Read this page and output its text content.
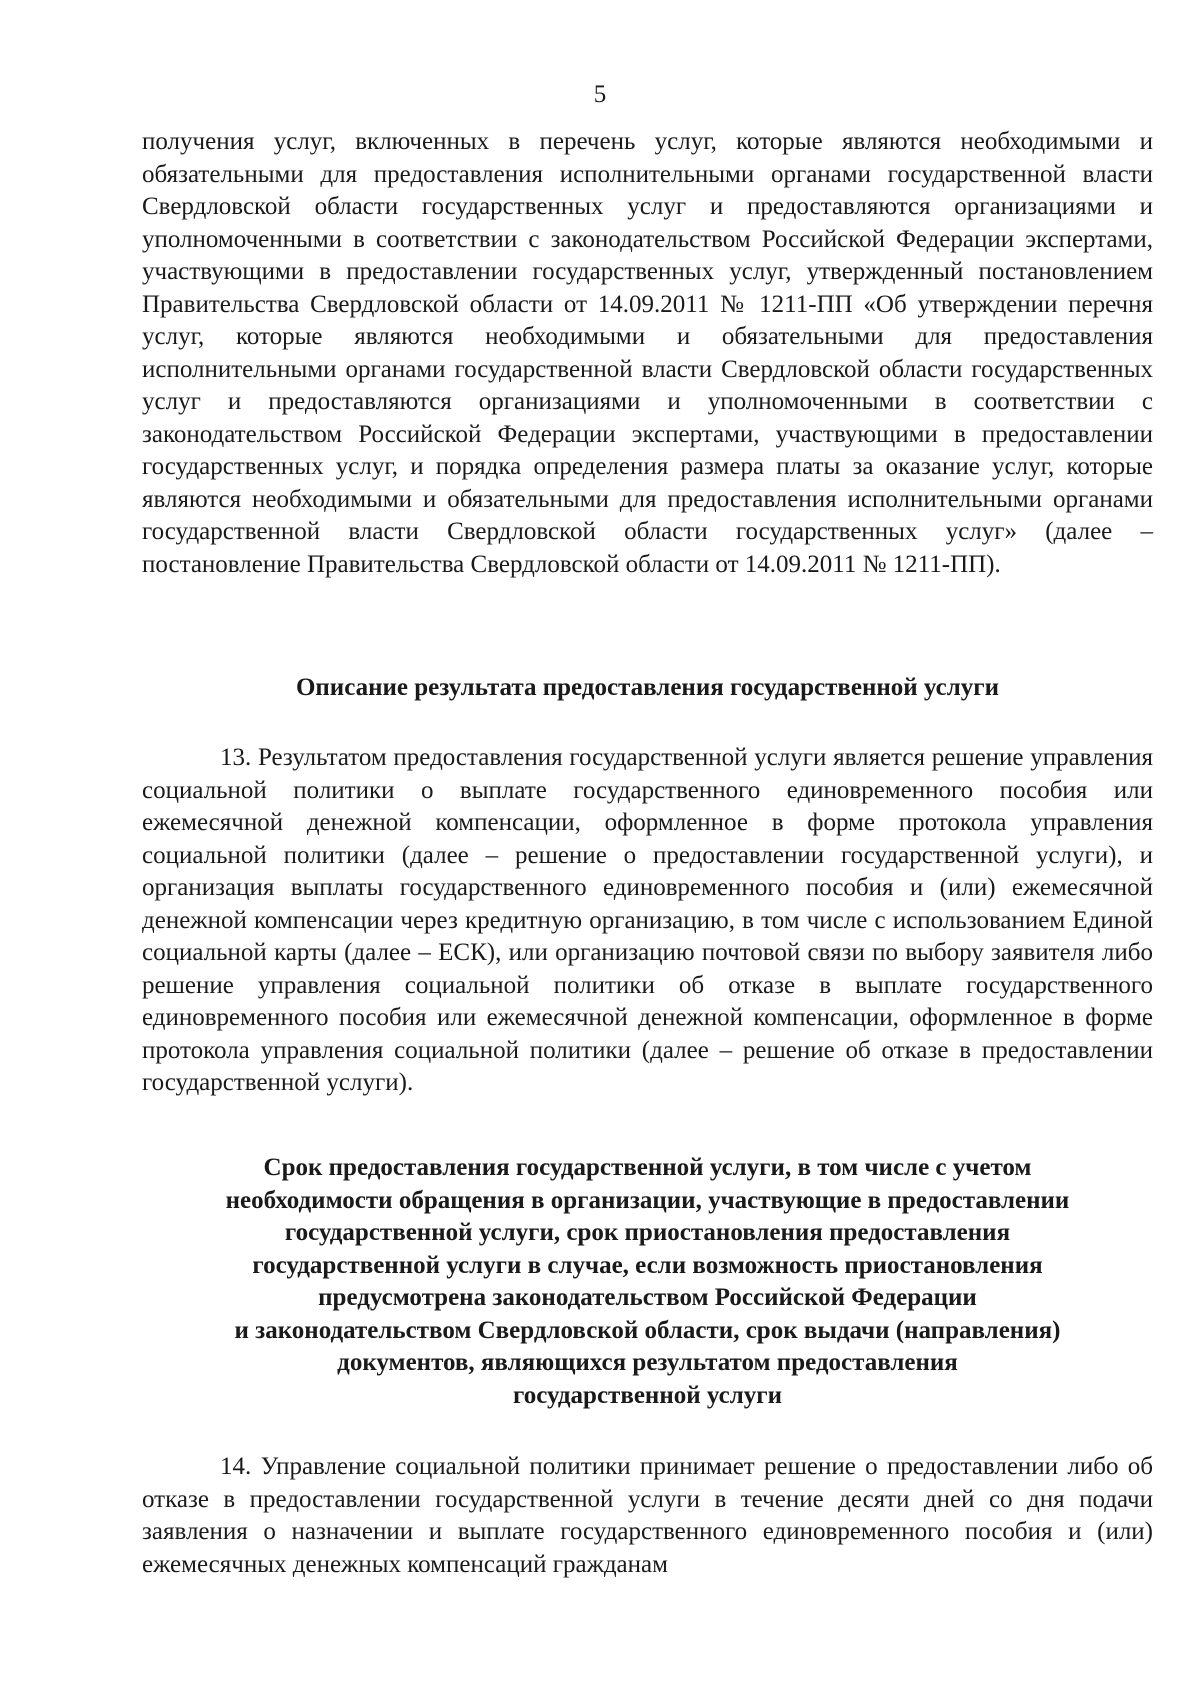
5
получения услуг, включенных в перечень услуг, которые являются необходимыми и обязательными для предоставления исполнительными органами государственной власти Свердловской области государственных услуг и предоставляются организациями и уполномоченными в соответствии с законодательством Российской Федерации экспертами, участвующими в предоставлении государственных услуг, утвержденный постановлением Правительства Свердловской области от 14.09.2011 № 1211-ПП «Об утверждении перечня услуг, которые являются необходимыми и обязательными для предоставления исполнительными органами государственной власти Свердловской области государственных услуг и предоставляются организациями и уполномоченными в соответствии с законодательством Российской Федерации экспертами, участвующими в предоставлении государственных услуг, и порядка определения размера платы за оказание услуг, которые являются необходимыми и обязательными для предоставления исполнительными органами государственной власти Свердловской области государственных услуг» (далее – постановление Правительства Свердловской области от 14.09.2011 № 1211-ПП).
Описание результата предоставления государственной услуги
13. Результатом предоставления государственной услуги является решение управления социальной политики о выплате государственного единовременного пособия или ежемесячной денежной компенсации, оформленное в форме протокола управления социальной политики (далее – решение о предоставлении государственной услуги), и организация выплаты государственного единовременного пособия и (или) ежемесячной денежной компенсации через кредитную организацию, в том числе с использованием Единой социальной карты (далее – ЕСК), или организацию почтовой связи по выбору заявителя либо решение управления социальной политики об отказе в выплате государственного единовременного пособия или ежемесячной денежной компенсации, оформленное в форме протокола управления социальной политики (далее – решение об отказе в предоставлении государственной услуги).
Срок предоставления государственной услуги, в том числе с учетом
необходимости обращения в организации, участвующие в предоставлении
государственной услуги, срок приостановления предоставления
государственной услуги в случае, если возможность приостановления
предусмотрена законодательством Российской Федерации
и законодательством Свердловской области, срок выдачи (направления)
документов, являющихся результатом предоставления
государственной услуги
14. Управление социальной политики принимает решение о предоставлении либо об отказе в предоставлении государственной услуги в течение десяти дней со дня подачи заявления о назначении и выплате государственного единовременного пособия и (или) ежемесячных денежных компенсаций гражданам
